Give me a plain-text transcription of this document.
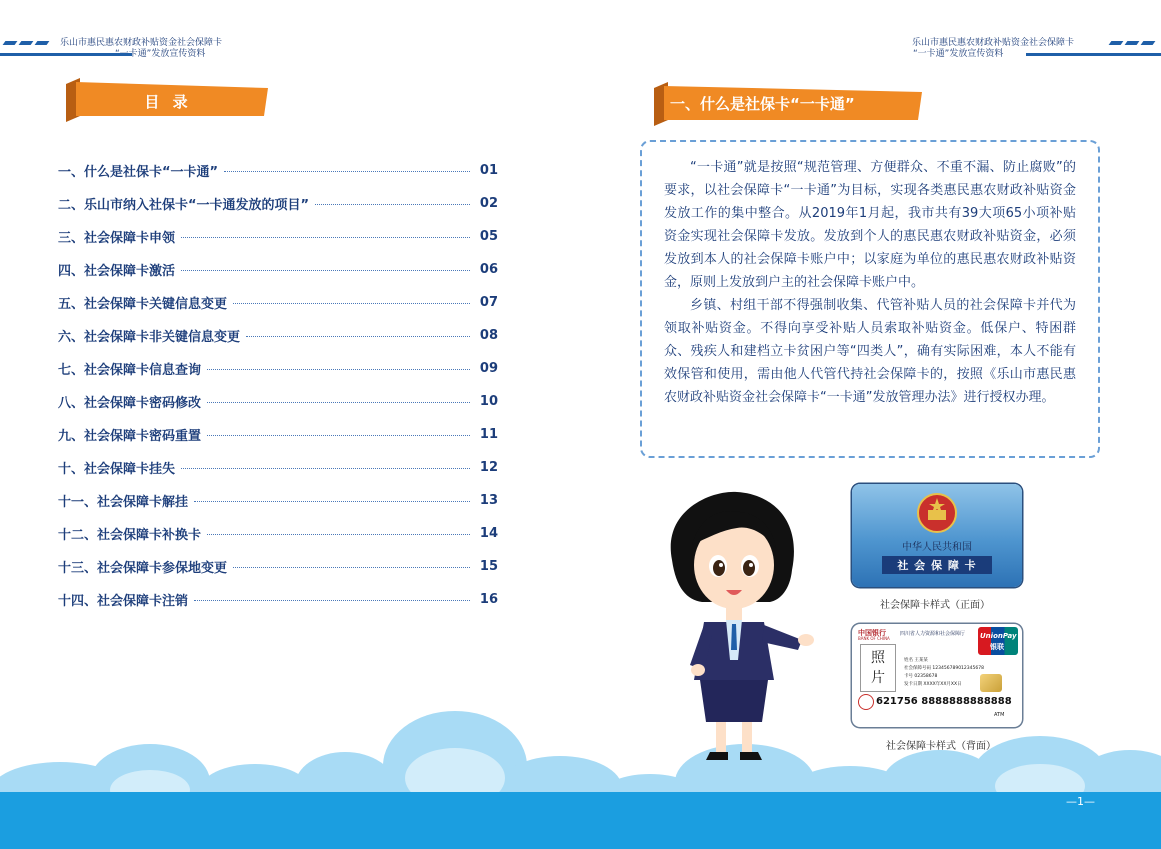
乐山市惠民惠农财政补贴资金社会保障卡
“一卡通”发放宣传资料
乐山市惠民惠农财政补贴资金社会保障卡
“一卡通”发放宣传资料
目 录
一、什么是社保卡“一卡通”	01
二、乐山市纳入社保卡“一卡通发放的项目”	02
三、社会保障卡申领	05
四、社会保障卡激活	06
五、社会保障卡关键信息变更	07
六、社会保障卡非关键信息变更	08
七、社会保障卡信息查询	09
八、社会保障卡密码修改	10
九、社会保障卡密码重置	11
十、社会保障卡挂失	12
十一、社会保障卡解挂	13
十二、社会保障卡补换卡	14
十三、社会保障卡参保地变更	15
十四、社会保障卡注销	16
一、什么是社保卡“一卡通”

“一卡通”就是按照“规范管理、方便群众、不重不漏、防止腐败”的要求，以社会保障卡“一卡通”为目标，实现各类惠民惠农财政补贴资金发放工作的集中整合。从2019年1月起，我市共有39大项65小项补贴资金实现社会保障卡发放。发放到个人的惠民惠农财政补贴资金，必须发放到本人的社会保障卡账户中；以家庭为单位的惠民惠农财政补贴资金，原则上发放到户主的社会保障卡账户中。

乡镇、村组干部不得强制收集、代管补贴人员的社会保障卡并代为领取补贴资金。不得向享受补贴人员索取补贴资金。低保户、特困群众、残疾人和建档立卡贫困户等“四类人”，确有实际困难，本人不能有效保管和使用，需由他人代管代持社会保障卡的，按照《乐山市惠民惠农财政补贴资金社会保障卡“一卡通”发放管理办法》进行授权办理。

中华人民共和国
社 会 保 障 卡
社会保障卡样式（正面）
中国银行
BANK OF CHINA
四川省人力资源和社会保障厅 UnionPay
银联
照
片
姓名 王某某
社会保障号码 123456789012345678
卡号 02358678
发卡日期 XXXX年XX月XX日
621756 8888888888888
ATM
社会保障卡样式（背面）
—1—
